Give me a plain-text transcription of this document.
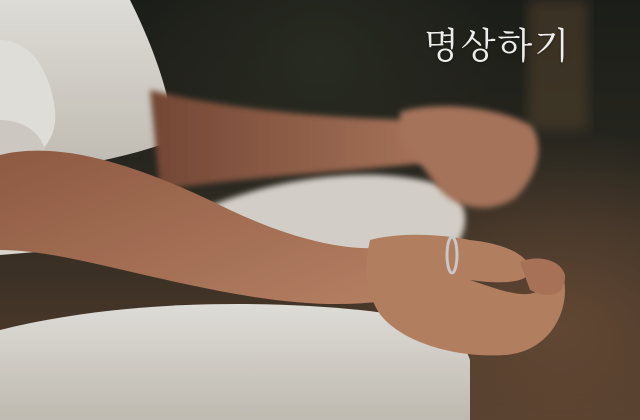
명상하기
